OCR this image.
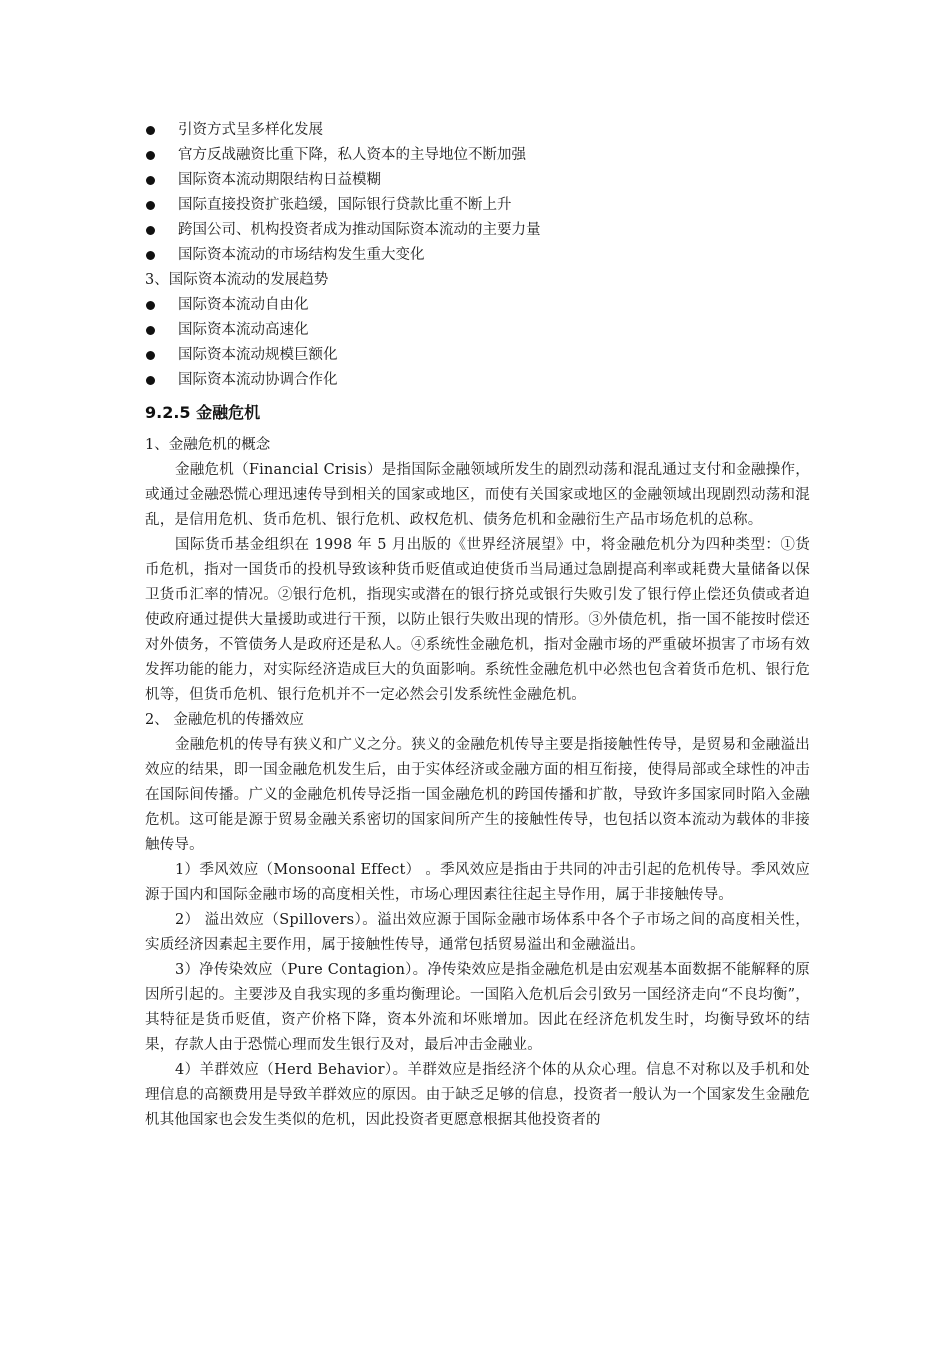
引资方式呈多样化发展
官方反战融资比重下降，私人资本的主导地位不断加强
国际资本流动期限结构日益模糊
国际直接投资扩张趋缓，国际银行贷款比重不断上升
跨国公司、机构投资者成为推动国际资本流动的主要力量
国际资本流动的市场结构发生重大变化
3、国际资本流动的发展趋势
国际资本流动自由化
国际资本流动高速化
国际资本流动规模巨额化
国际资本流动协调合作化
9.2.5 金融危机
1、金融危机的概念

金融危机（Financial Crisis）是指国际金融领域所发生的剧烈动荡和混乱通过支付和金融操作，或通过金融恐慌心理迅速传导到相关的国家或地区，而使有关国家或地区的金融领域出现剧烈动荡和混乱，是信用危机、货币危机、银行危机、政权危机、债务危机和金融衍生产品市场危机的总称。

国际货币基金组织在 1998 年 5 月出版的《世界经济展望》中，将金融危机分为四种类型：①货币危机，指对一国货币的投机导致该种货币贬值或迫使货币当局通过急剧提高利率或耗费大量储备以保卫货币汇率的情况。②银行危机，指现实或潜在的银行挤兑或银行失败引发了银行停止偿还负债或者迫使政府通过提供大量援助或进行干预，以防止银行失败出现的情形。③外债危机，指一国不能按时偿还对外债务，不管债务人是政府还是私人。④系统性金融危机，指对金融市场的严重破坏损害了市场有效发挥功能的能力，对实际经济造成巨大的负面影响。系统性金融危机中必然也包含着货币危机、银行危机等，但货币危机、银行危机并不一定必然会引发系统性金融危机。

2、 金融危机的传播效应

金融危机的传导有狭义和广义之分。狭义的金融危机传导主要是指接触性传导，是贸易和金融溢出效应的结果，即一国金融危机发生后，由于实体经济或金融方面的相互衔接，使得局部或全球性的冲击在国际间传播。广义的金融危机传导泛指一国金融危机的跨国传播和扩散，导致许多国家同时陷入金融危机。这可能是源于贸易金融关系密切的国家间所产生的接触性传导，也包括以资本流动为载体的非接触传导。

1）季风效应（Monsoonal Effect） 。季风效应是指由于共同的冲击引起的危机传导。季风效应源于国内和国际金融市场的高度相关性，市场心理因素往往起主导作用，属于非接触传导。

2） 溢出效应（Spillovers）。溢出效应源于国际金融市场体系中各个子市场之间的高度相关性，实质经济因素起主要作用，属于接触性传导，通常包括贸易溢出和金融溢出。

3）净传染效应（Pure Contagion）。净传染效应是指金融危机是由宏观基本面数据不能解释的原因所引起的。主要涉及自我实现的多重均衡理论。一国陷入危机后会引致另一国经济走向“不良均衡”，其特征是货币贬值，资产价格下降，资本外流和坏账增加。因此在经济危机发生时，均衡导致坏的结果，存款人由于恐慌心理而发生银行及对，最后冲击金融业。

4）羊群效应（Herd Behavior）。羊群效应是指经济个体的从众心理。信息不对称以及手机和处理信息的高额费用是导致羊群效应的原因。由于缺乏足够的信息，投资者一般认为一个国家发生金融危机其他国家也会发生类似的危机，因此投资者更愿意根据其他投资者的
